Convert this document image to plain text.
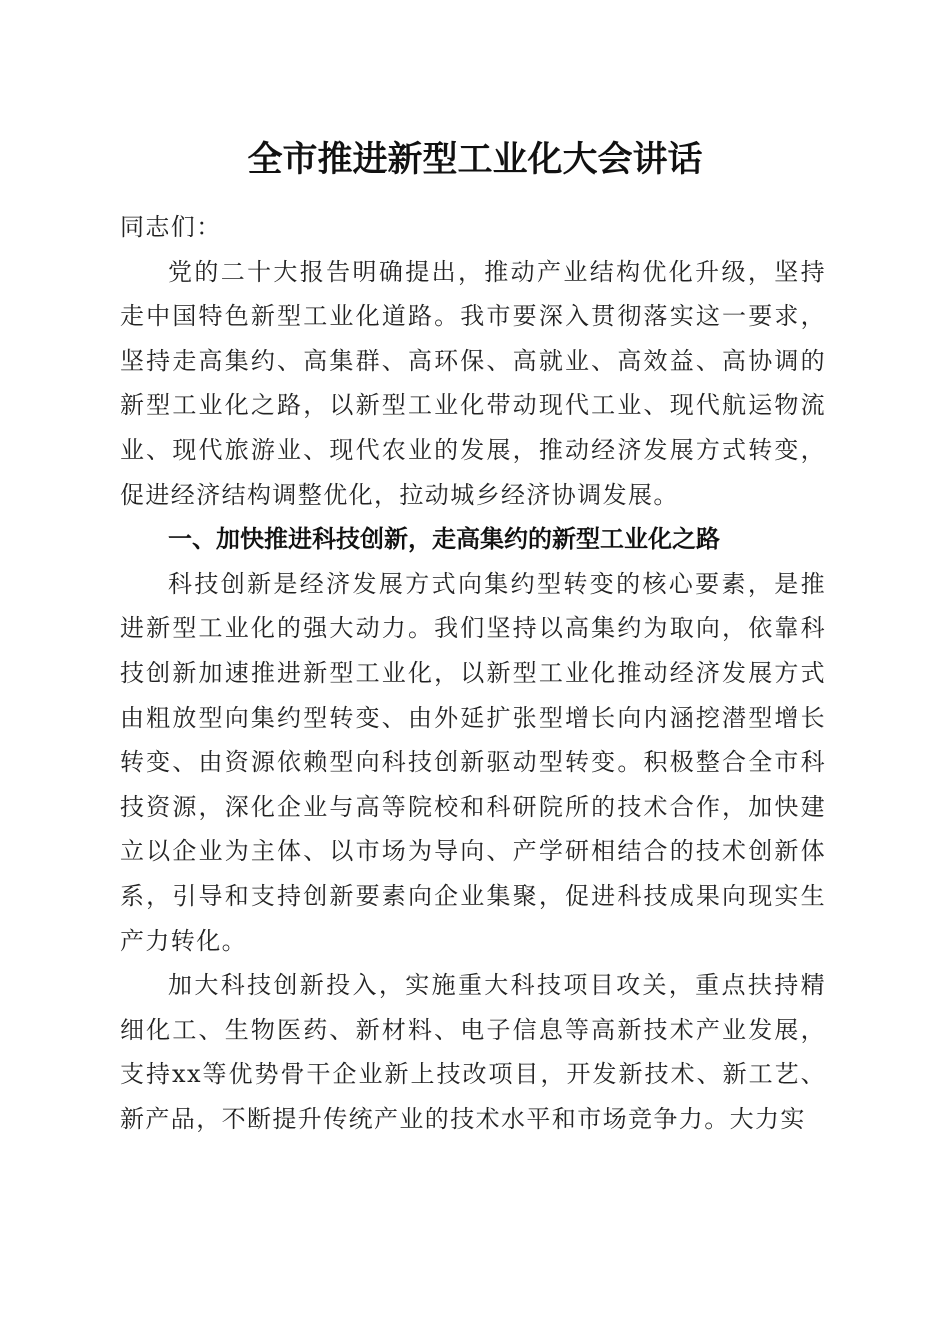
全市推进新型工业化大会讲话

同志们：

党的二十大报告明确提出，推动产业结构优化升级，坚持走中国特色新型工业化道路。我市要深入贯彻落实这一要求，坚持走高集约、高集群、高环保、高就业、高效益、高协调的新型工业化之路，以新型工业化带动现代工业、现代航运物流业、现代旅游业、现代农业的发展，推动经济发展方式转变，促进经济结构调整优化，拉动城乡经济协调发展。

一、加快推进科技创新，走高集约的新型工业化之路

科技创新是经济发展方式向集约型转变的核心要素，是推进新型工业化的强大动力。我们坚持以高集约为取向，依靠科技创新加速推进新型工业化，以新型工业化推动经济发展方式由粗放型向集约型转变、由外延扩张型增长向内涵挖潜型增长转变、由资源依赖型向科技创新驱动型转变。积极整合全市科技资源，深化企业与高等院校和科研院所的技术合作，加快建立以企业为主体、以市场为导向、产学研相结合的技术创新体系，引导和支持创新要素向企业集聚，促进科技成果向现实生产力转化。

加大科技创新投入，实施重大科技项目攻关，重点扶持精细化工、生物医药、新材料、电子信息等高新技术产业发展，支持xx等优势骨干企业新上技改项目，开发新技术、新工艺、新产品，不断提升传统产业的技术水平和市场竞争力。大力实
